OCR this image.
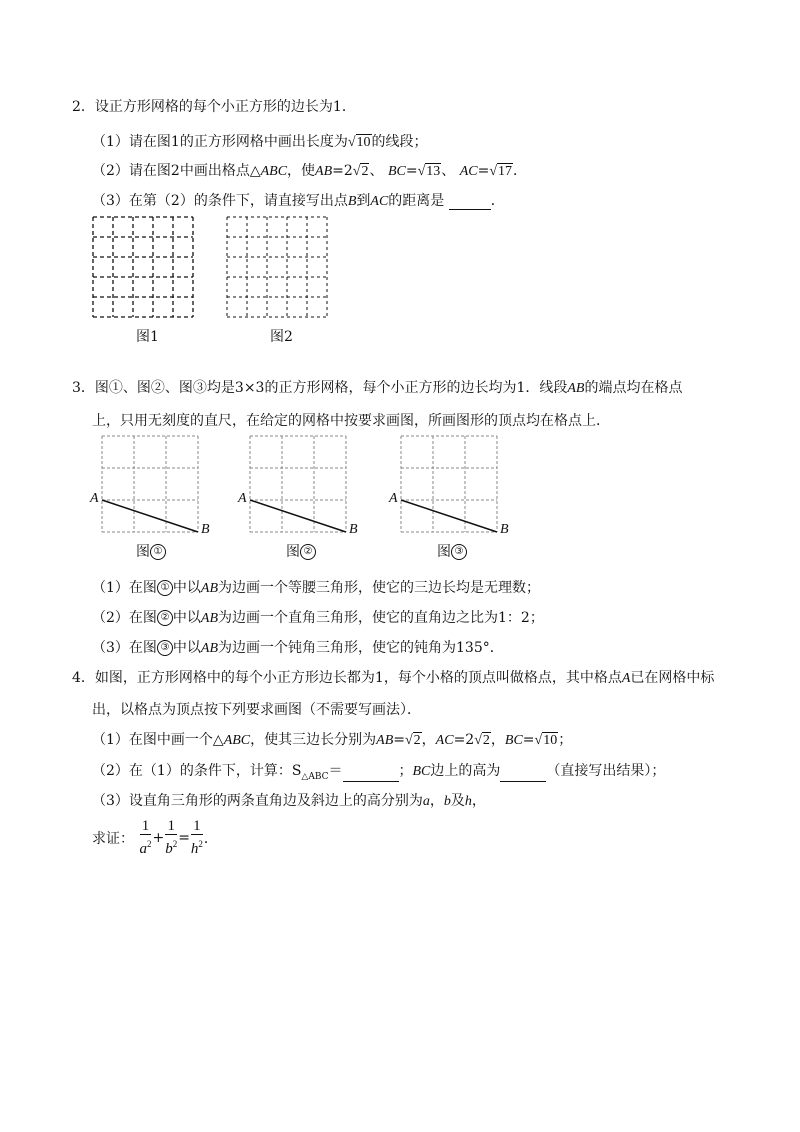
2．设正方形网格的每个小正方形的边长为1．
（1）请在图1的正方形网格中画出长度为√10的线段；
（2）请在图2中画出格点△ABC，使AB=2√2、 BC=√13、 AC=√17．
（3）在第（2）的条件下，请直接写出点B到AC的距离是	．
图1	图2
3．图①、图②、图③均是3×3的正方形网格，每个小正方形的边长均为1．线段AB的端点均在格点
上，只用无刻度的直尺，在给定的网格中按要求画图，所画图形的顶点均在格点上．
A
B
图 ①
A
B
图 ②
A
B
图 ③
（1）在图 ① 中以AB为边画一个等腰三角形，使它的三边长均是无理数；
（2）在图 ② 中以AB为边画一个直角三角形，使它的直角边之比为1：2；
（3）在图 ③ 中以AB为边画一个钝角三角形，使它的钝角为135°．
4．如图，正方形网格中的每个小正方形边长都为1，每个小格的顶点叫做格点，其中格点A已在网格中标
出，以格点为顶点按下列要求画图（不需要写画法）．
（1）在图中画一个△ABC，使其三边长分别为AB=√2，AC=2√2，BC=√10；
（2）在（1）的条件下，计算：$S_{\triangle ABC}=$	；BC边上的高为	（直接写出结果）；
（3）设直角三角形的两条直角边及斜边上的高分别为a，b及h，
求证： $\frac{1}{a^2} + \frac{1}{b^2} = \frac{1}{h^2}$ ．
